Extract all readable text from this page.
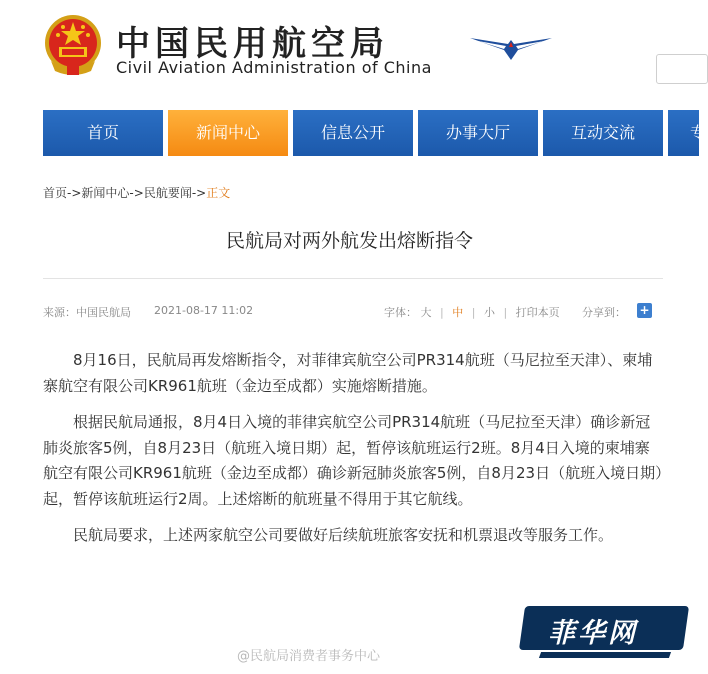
中国民用航空局
Civil Aviation Administration of China
首页	新闻中心	信息公开	办事大厅	互动交流	专
首页->新闻中心->民航要闻->正文
民航局对两外航发出熔断指令
来源：中国民航局 2021-08-17 11:02	字体： 大 | 中 | 小 | 打印本页 分享到： +

8月16日，民航局再发熔断指令，对菲律宾航空公司PR314航班（马尼拉至天津）、柬埔寨航空有限公司KR961航班（金边至成都）实施熔断措施。

根据民航局通报，8月4日入境的菲律宾航空公司PR314航班（马尼拉至天津）确诊新冠肺炎旅客5例，自8月23日（航班入境日期）起，暂停该航班运行2班。8月4日入境的柬埔寨航空有限公司KR961航班（金边至成都）确诊新冠肺炎旅客5例，自8月23日（航班入境日期）起，暂停该航班运行2周。上述熔断的航班量不得用于其它航线。

民航局要求，上述两家航空公司要做好后续航班旅客安抚和机票退改等服务工作。

@民航局消费者事务中心
菲华网
